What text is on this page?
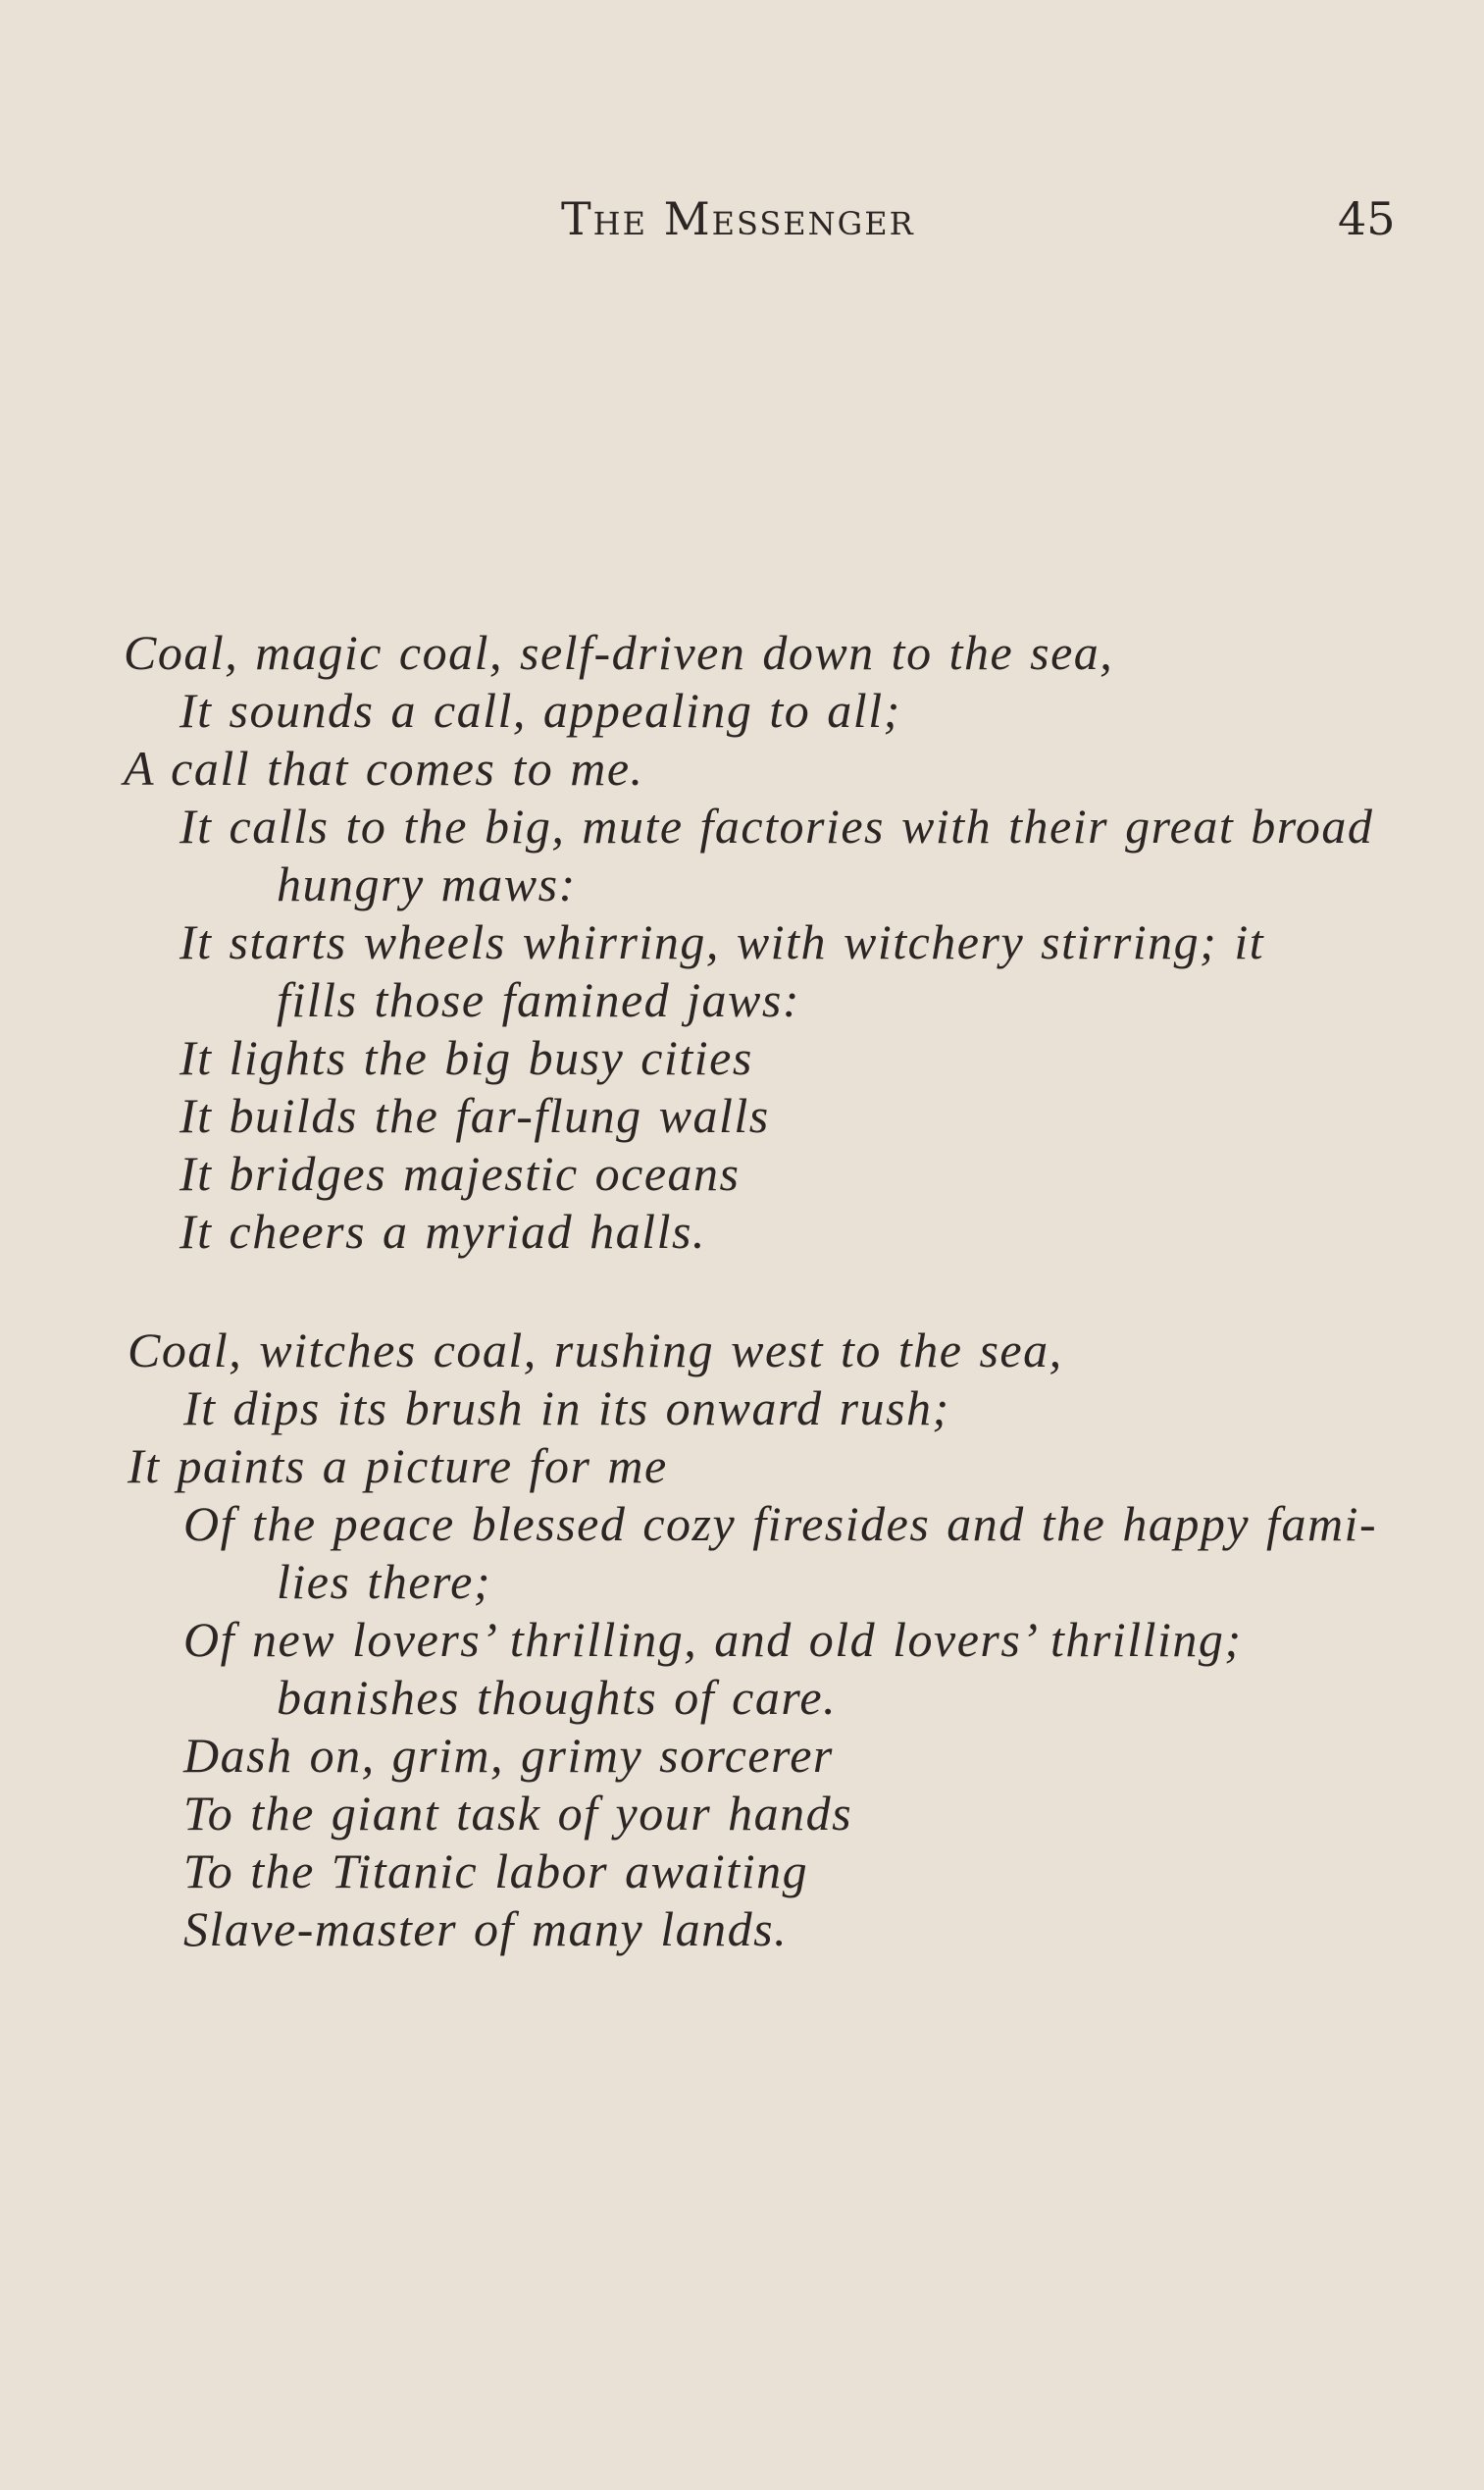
The Messenger	45
Coal, magic coal, self-driven down to the sea,
It sounds a call, appealing to all;
A call that comes to me.
It calls to the big, mute factories with their great broad
hungry maws:
It starts wheels whirring, with witchery stirring; it
fills those famined jaws:
It lights the big busy cities
It builds the far-flung walls
It bridges majestic oceans
It cheers a myriad halls.
Coal, witches coal, rushing west to the sea,
It dips its brush in its onward rush;
It paints a picture for me
Of the peace blessed cozy firesides and the happy fami-
lies there;
Of new lovers’ thrilling, and old lovers’ thrilling;
banishes thoughts of care.
Dash on, grim, grimy sorcerer
To the giant task of your hands
To the Titanic labor awaiting
Slave-master of many lands.
